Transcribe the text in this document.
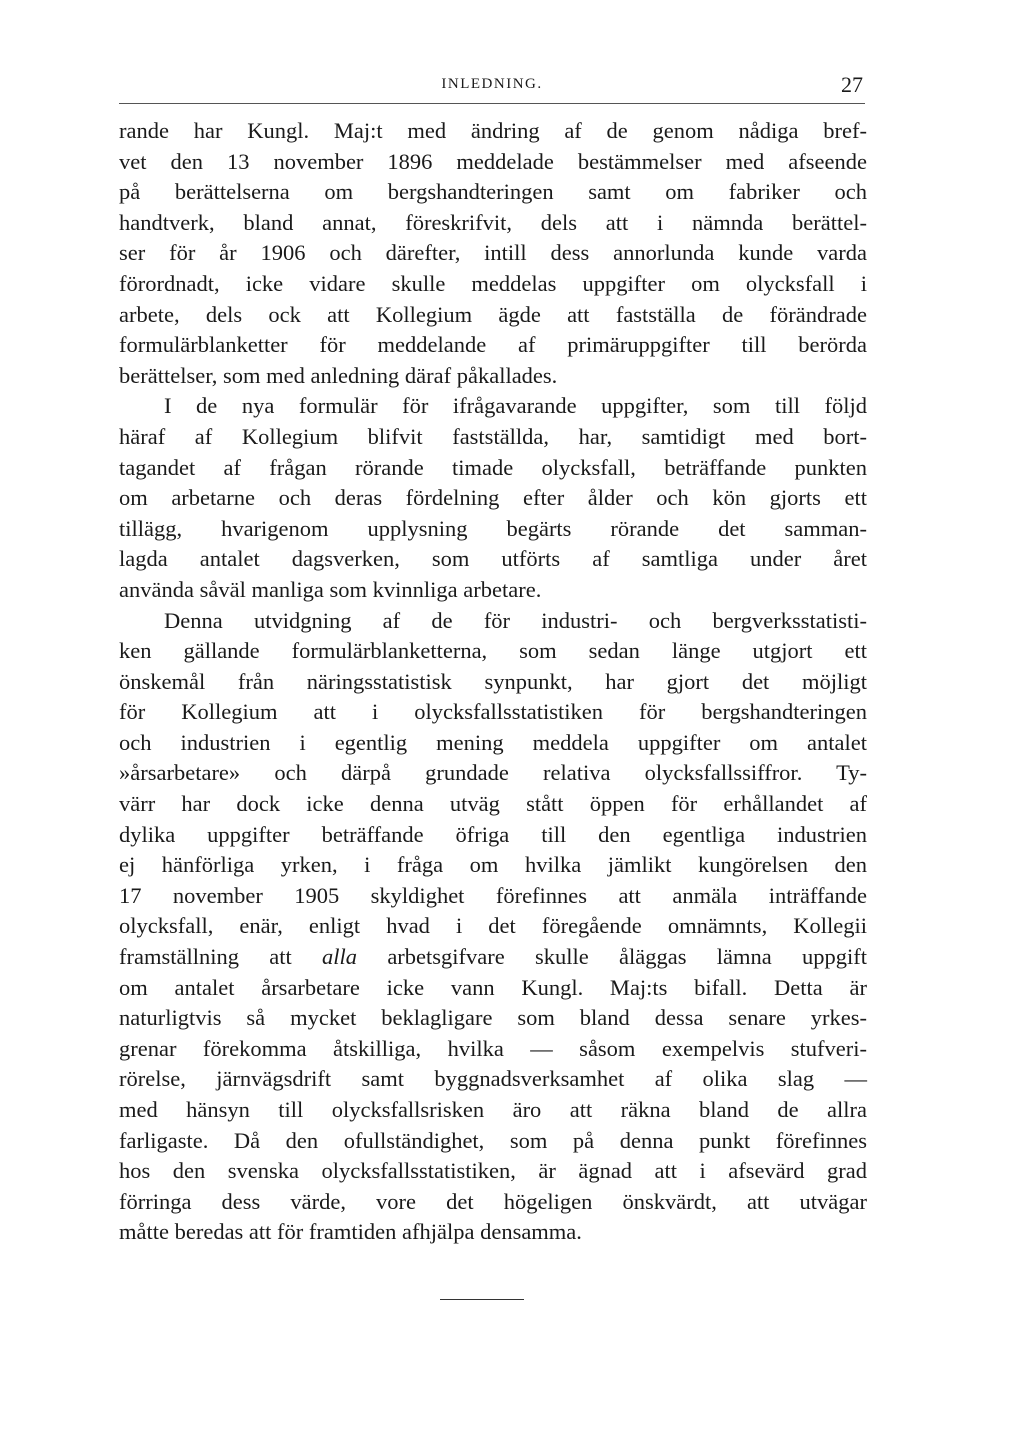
INLEDNING.	27
rande har Kungl. Maj:t med ändring af de genom nådiga bref-
vet den 13 november 1896 meddelade bestämmelser med afseende
på berättelserna om bergshandteringen samt om fabriker och
handtverk, bland annat, föreskrifvit, dels att i nämnda berättel-
ser för år 1906 och därefter, intill dess annorlunda kunde varda
förordnadt, icke vidare skulle meddelas uppgifter om olycksfall i
arbete, dels ock att Kollegium ägde att fastställa de förändrade
formulärblanketter för meddelande af primäruppgifter till berörda
berättelser, som med anledning däraf påkallades.
I de nya formulär för ifrågavarande uppgifter, som till följd
häraf af Kollegium blifvit fastställda, har, samtidigt med bort-
tagandet af frågan rörande timade olycksfall, beträffande punkten
om arbetarne och deras fördelning efter ålder och kön gjorts ett
tillägg, hvarigenom upplysning begärts rörande det samman-
lagda antalet dagsverken, som utförts af samtliga under året
använda såväl manliga som kvinnliga arbetare.
Denna utvidgning af de för industri- och bergverksstatisti-
ken gällande formulärblanketterna, som sedan länge utgjort ett
önskemål från näringsstatistisk synpunkt, har gjort det möjligt
för Kollegium att i olycksfallsstatistiken för bergshandteringen
och industrien i egentlig mening meddela uppgifter om antalet
»årsarbetare» och därpå grundade relativa olycksfallssiffror. Ty-
värr har dock icke denna utväg stått öppen för erhållandet af
dylika uppgifter beträffande öfriga till den egentliga industrien
ej hänförliga yrken, i fråga om hvilka jämlikt kungörelsen den
17 november 1905 skyldighet förefinnes att anmäla inträffande
olycksfall, enär, enligt hvad i det föregående omnämnts, Kollegii
framställning att alla arbetsgifvare skulle åläggas lämna uppgift
om antalet årsarbetare icke vann Kungl. Maj:ts bifall. Detta är
naturligtvis så mycket beklagligare som bland dessa senare yrkes-
grenar förekomma åtskilliga, hvilka — såsom exempelvis stufveri-
rörelse, järnvägsdrift samt byggnadsverksamhet af olika slag —
med hänsyn till olycksfallsrisken äro att räkna bland de allra
farligaste. Då den ofullständighet, som på denna punkt förefinnes
hos den svenska olycksfallsstatistiken, är ägnad att i afsevärd grad
förringa dess värde, vore det högeligen önskvärdt, att utvägar
måtte beredas att för framtiden afhjälpa densamma.
